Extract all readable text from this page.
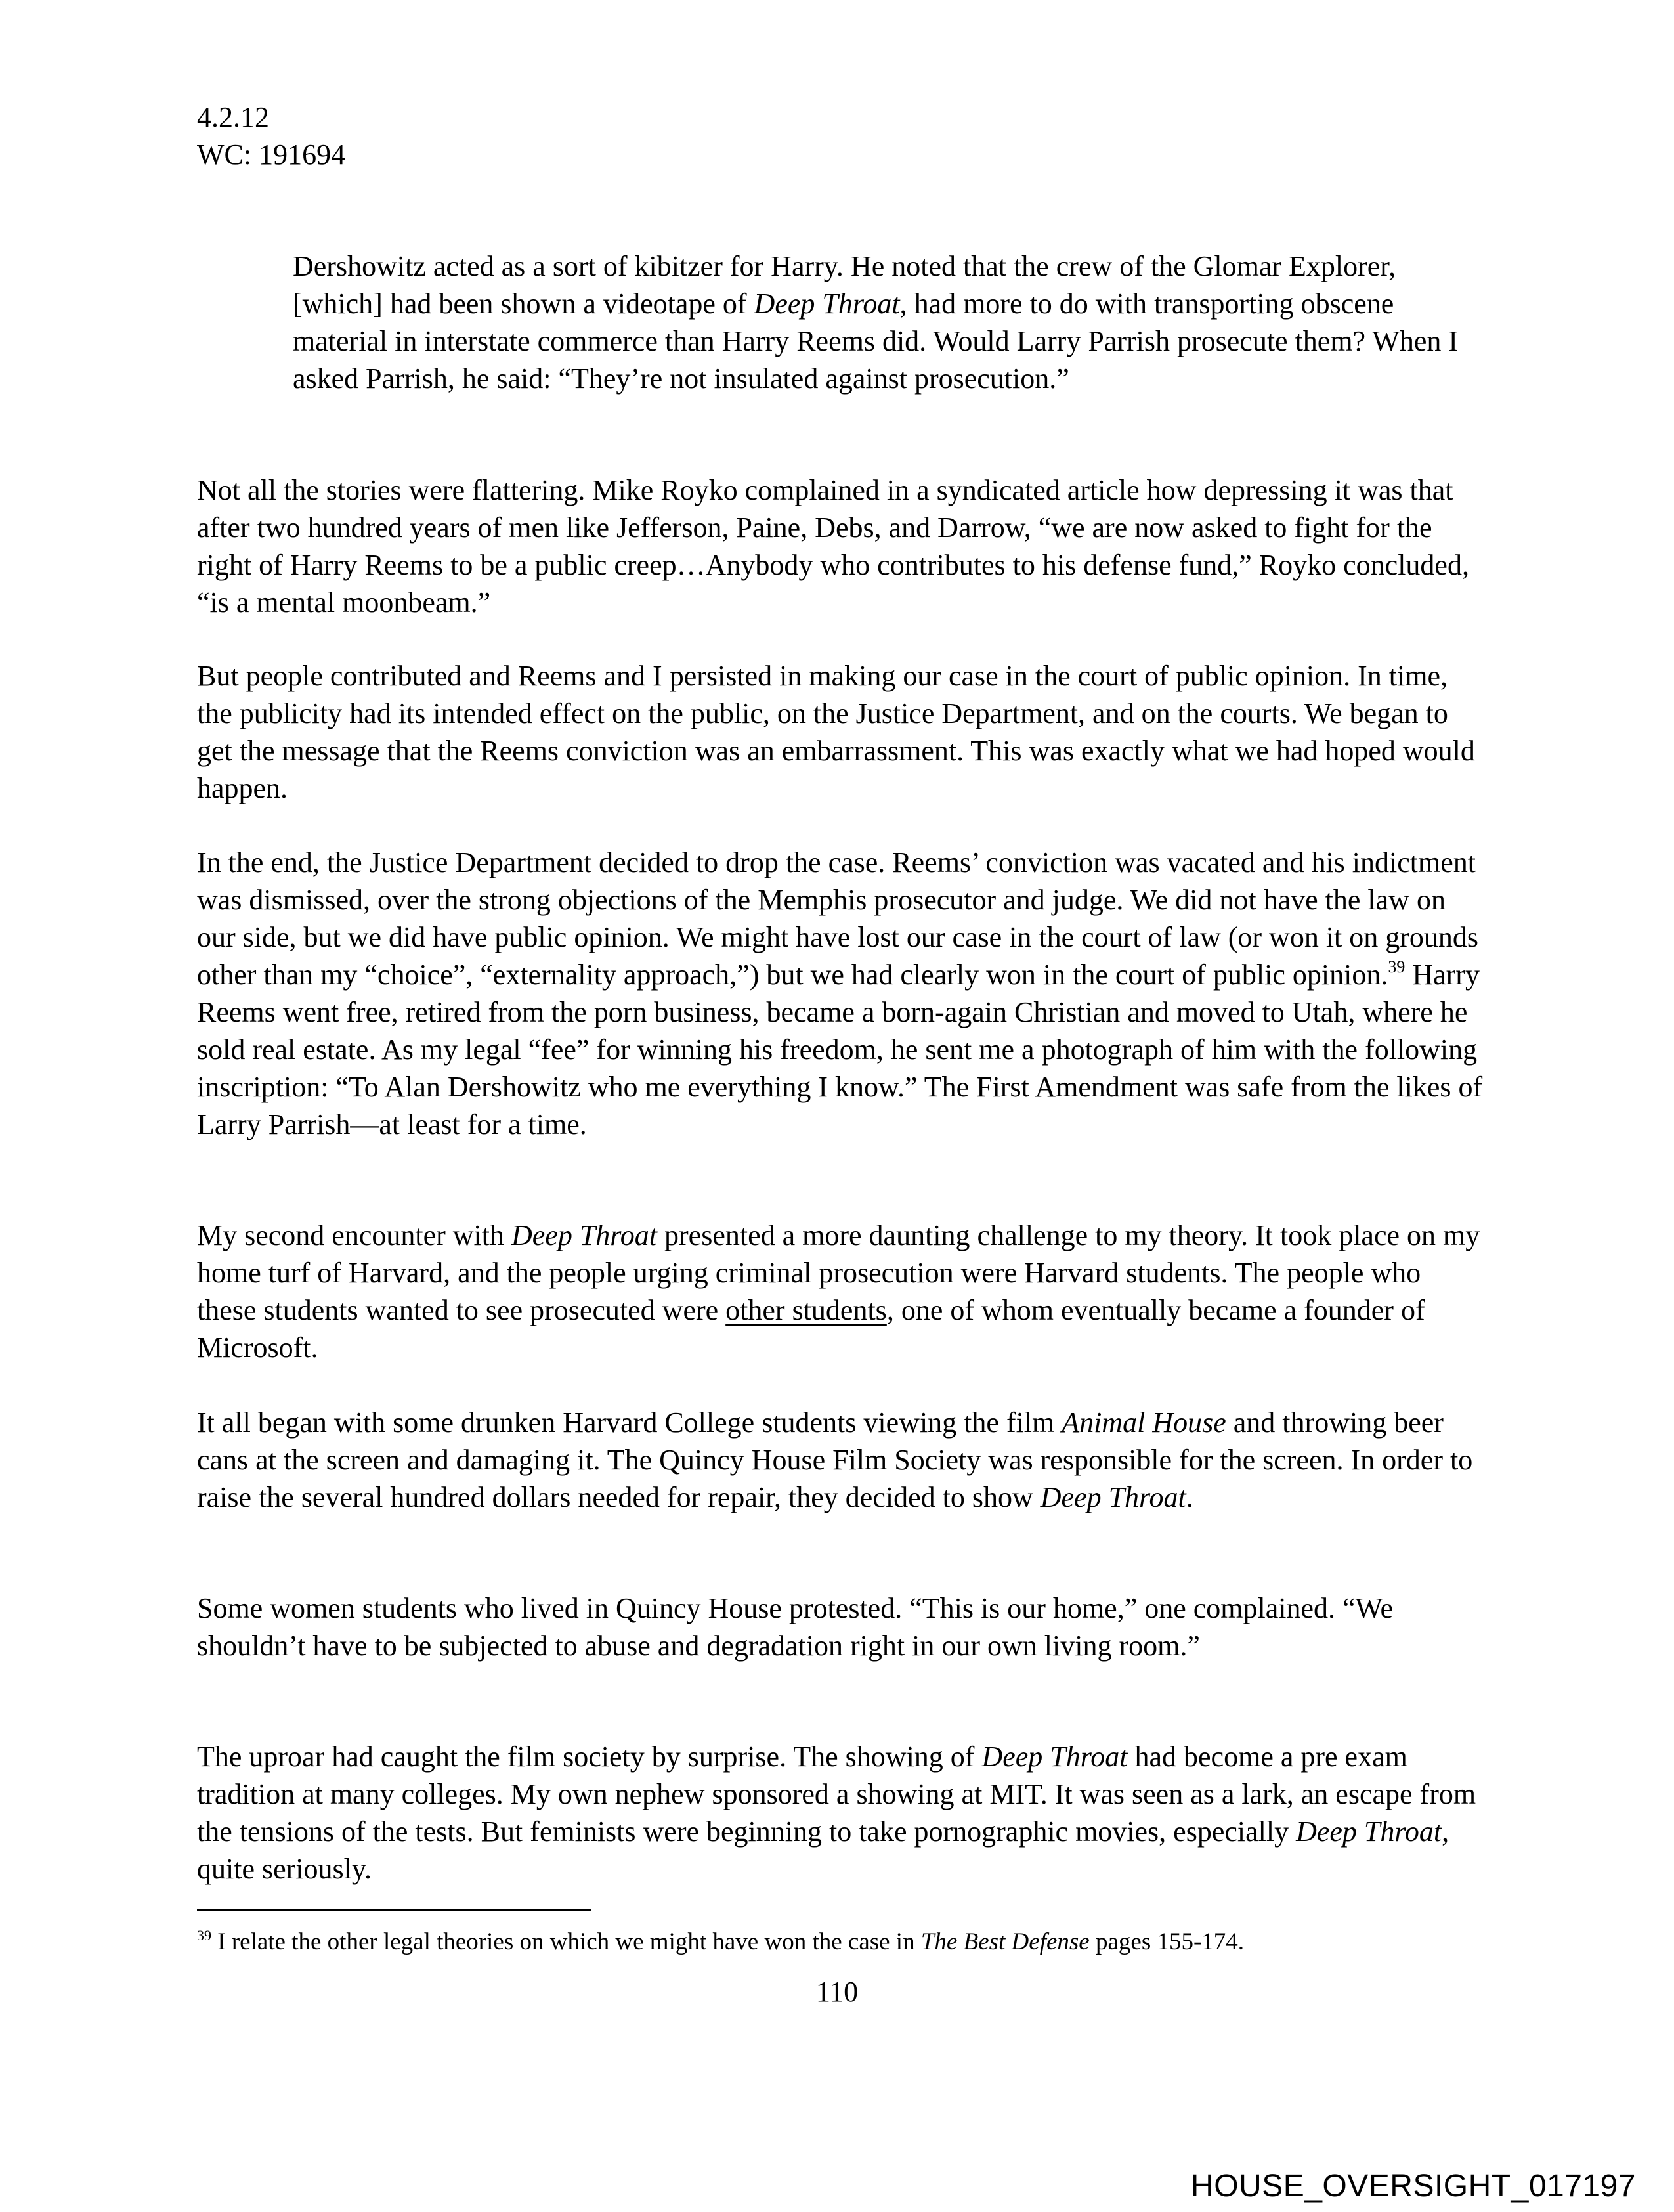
4.2.12
WC: 191694

Dershowitz acted as a sort of kibitzer for Harry. He noted that the crew of the Glomar Explorer, [which] had been shown a videotape of Deep Throat, had more to do with transporting obscene material in interstate commerce than Harry Reems did. Would Larry Parrish prosecute them? When I asked Parrish, he said: “They’re not insulated against prosecution.”

Not all the stories were flattering. Mike Royko complained in a syndicated article how depressing it was that after two hundred years of men like Jefferson, Paine, Debs, and Darrow, “we are now asked to fight for the right of Harry Reems to be a public creep…Anybody who contributes to his defense fund,” Royko concluded, “is a mental moonbeam.”

But people contributed and Reems and I persisted in making our case in the court of public opinion. In time, the publicity had its intended effect on the public, on the Justice Department, and on the courts. We began to get the message that the Reems conviction was an embarrassment. This was exactly what we had hoped would happen.

In the end, the Justice Department decided to drop the case. Reems’ conviction was vacated and his indictment was dismissed, over the strong objections of the Memphis prosecutor and judge. We did not have the law on our side, but we did have public opinion. We might have lost our case in the court of law (or won it on grounds other than my “choice”, “externality approach,”) but we had clearly won in the court of public opinion.$^{39}$ Harry Reems went free, retired from the porn business, became a born-again Christian and moved to Utah, where he sold real estate. As my legal “fee” for winning his freedom, he sent me a photograph of him with the following inscription: “To Alan Dershowitz who me everything I know.” The First Amendment was safe from the likes of Larry Parrish—at least for a time.

My second encounter with Deep Throat presented a more daunting challenge to my theory. It took place on my home turf of Harvard, and the people urging criminal prosecution were Harvard students. The people who these students wanted to see prosecuted were other students, one of whom eventually became a founder of Microsoft.

It all began with some drunken Harvard College students viewing the film Animal House and throwing beer cans at the screen and damaging it. The Quincy House Film Society was responsible for the screen. In order to raise the several hundred dollars needed for repair, they decided to show Deep Throat.

Some women students who lived in Quincy House protested. “This is our home,” one complained. “We shouldn’t have to be subjected to abuse and degradation right in our own living room.”

The uproar had caught the film society by surprise. The showing of Deep Throat had become a pre exam tradition at many colleges. My own nephew sponsored a showing at MIT. It was seen as a lark, an escape from the tensions of the tests. But feminists were beginning to take pornographic movies, especially Deep Throat, quite seriously.

$^{39}$ I relate the other legal theories on which we might have won the case in The Best Defense pages 155-174.
110
HOUSE_OVERSIGHT_017197
